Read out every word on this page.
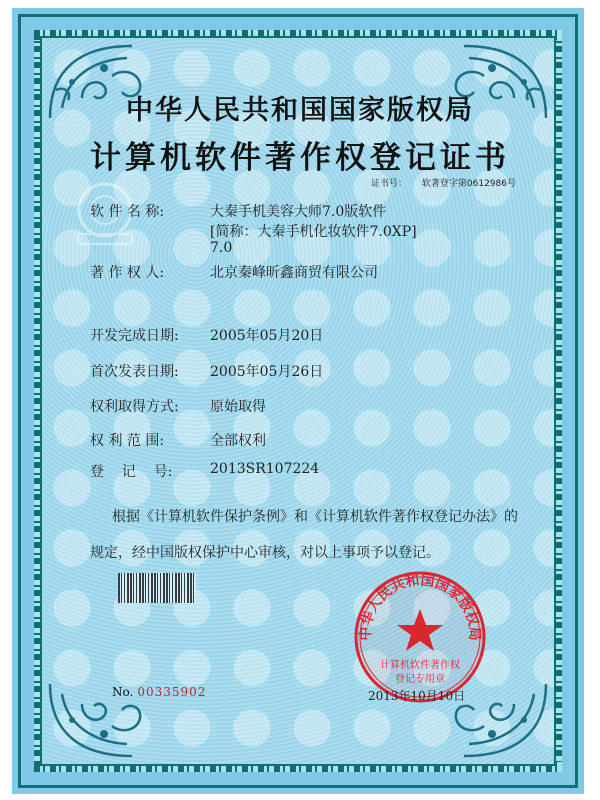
中华人民共和国国家版权局
计算机软件著作权登记证书
证书号： 软著登字第0612986号
软 件 名 称:	大秦手机美容大师7.0版软件
[简称：大秦手机化妆软件7.0XP]
7.0
著 作 权 人:	北京秦峰昕鑫商贸有限公司
开发完成日期: 2005年05月20日
首次发表日期: 2005年05月26日
权利取得方式: 原始取得
权 利 范 围:	全部权利
登    记    号:	2013SR107224
根据《计算机软件保护条例》和《计算机软件著作权登记办法》的
规定，经中国版权保护中心审核，对以上事项予以登记。
中华人民共和国国家版权局
计算机软件著作权
登记专用章
No. 00335902	2013年10月10日
